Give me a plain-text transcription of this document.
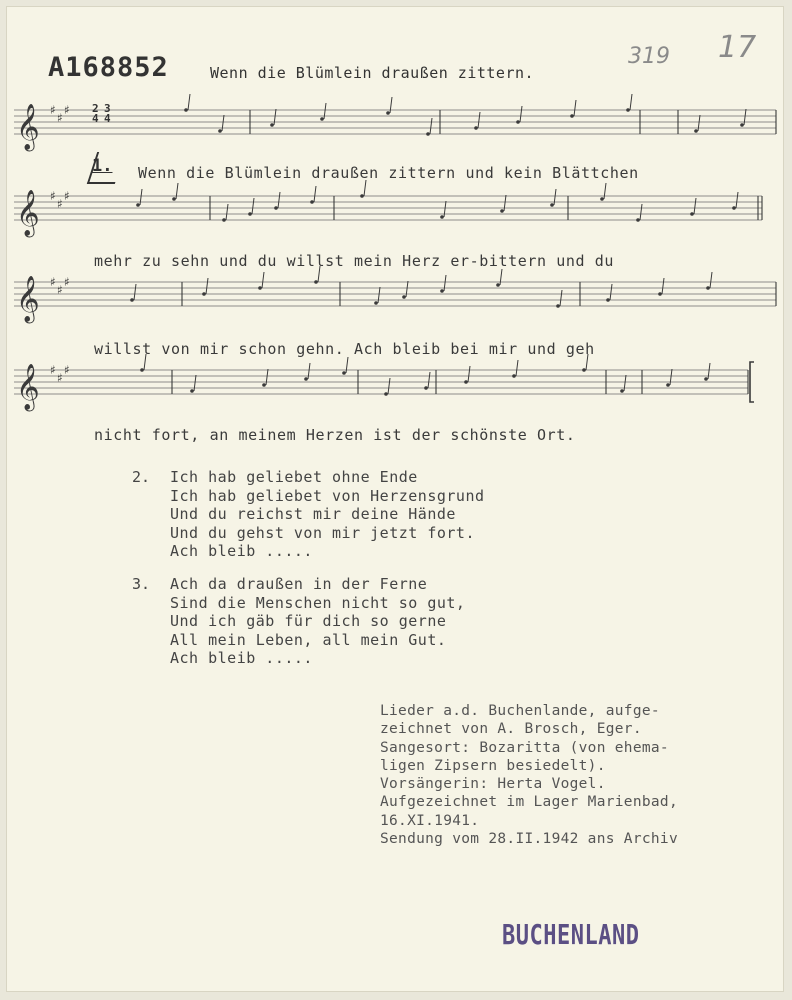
A168852	Wenn die Blümlein draußen zittern.
319 17
𝄞 ♯
♯
♯
𝄞 ♯
♯
♯
𝄞 ♯
♯
♯
𝄞 ♯
♯
♯
2
4
3
4
1. Wenn die Blümlein draußen zittern und kein Blättchen
mehr zu sehn und du willst mein Herz er-bittern und du
willst von mir schon gehn. Ach bleib bei mir und geh
nicht fort, an meinem Herzen ist der schönste Ort.
2. Ich hab geliebet ohne Ende
Ich hab geliebet von Herzensgrund
Und du reichst mir deine Hände
Und du gehst von mir jetzt fort.
Ach bleib .....
3. Ach da draußen in der Ferne
Sind die Menschen nicht so gut,
Und ich gäb für dich so gerne
All mein Leben, all mein Gut.
Ach bleib .....
Lieder a.d. Buchenlande, aufge-
zeichnet von A. Brosch, Eger.
Sangesort: Bozaritta (von ehema-
ligen Zipsern besiedelt).
Vorsängerin: Herta Vogel.
Aufgezeichnet im Lager Marienbad,
16.XI.1941.
Sendung vom 28.II.1942 ans Archiv
BUCHENLAND
